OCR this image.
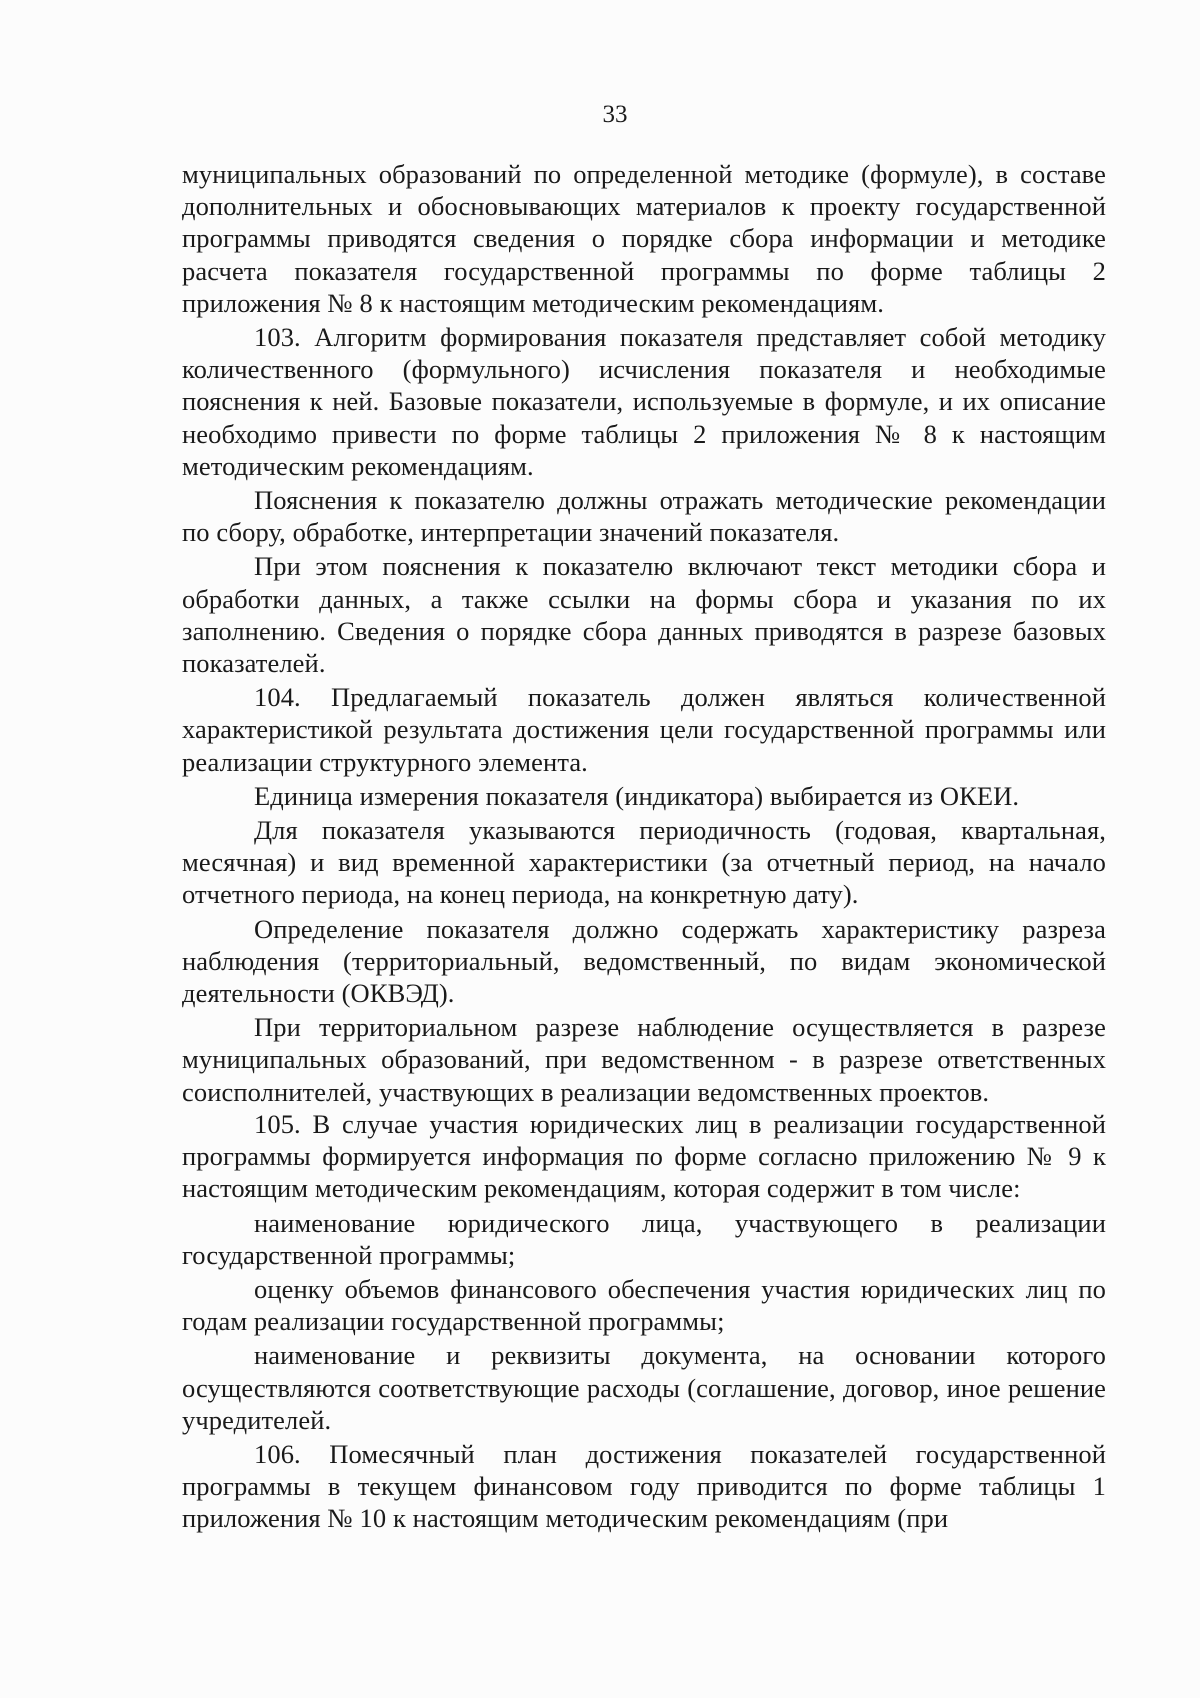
33

муниципальных образований по определенной методике (формуле), в составе дополнительных и обосновывающих материалов к проекту государственной программы приводятся сведения о порядке сбора информации и методике расчета показателя государственной программы по форме таблицы 2 приложения № 8 к настоящим методическим рекомендациям.

103. Алгоритм формирования показателя представляет собой методику количественного (формульного) исчисления показателя и необходимые пояснения к ней. Базовые показатели, используемые в формуле, и их описание необходимо привести по форме таблицы 2 приложения № 8 к настоящим методическим рекомендациям.

Пояснения к показателю должны отражать методические рекомендации по сбору, обработке, интерпретации значений показателя.

При этом пояснения к показателю включают текст методики сбора и обработки данных, а также ссылки на формы сбора и указания по их заполнению. Сведения о порядке сбора данных приводятся в разрезе базовых показателей.

104. Предлагаемый показатель должен являться количественной характеристикой результата достижения цели государственной программы или реализации структурного элемента.

Единица измерения показателя (индикатора) выбирается из ОКЕИ.

Для показателя указываются периодичность (годовая, квартальная, месячная) и вид временной характеристики (за отчетный период, на начало отчетного периода, на конец периода, на конкретную дату).

Определение показателя должно содержать характеристику разреза наблюдения (территориальный, ведомственный, по видам экономической деятельности (ОКВЭД).

При территориальном разрезе наблюдение осуществляется в разрезе муниципальных образований, при ведомственном - в разрезе ответственных соисполнителей, участвующих в реализации ведомственных проектов.

105. В случае участия юридических лиц в реализации государственной программы формируется информация по форме согласно приложению № 9 к настоящим методическим рекомендациям, которая содержит в том числе:

наименование юридического лица, участвующего в реализации государственной программы;

оценку объемов финансового обеспечения участия юридических лиц по годам реализации государственной программы;

наименование и реквизиты документа, на основании которого осуществляются соответствующие расходы (соглашение, договор, иное решение учредителей.

106. Помесячный план достижения показателей государственной программы в текущем финансовом году приводится по форме таблицы 1 приложения № 10 к настоящим методическим рекомендациям (при
